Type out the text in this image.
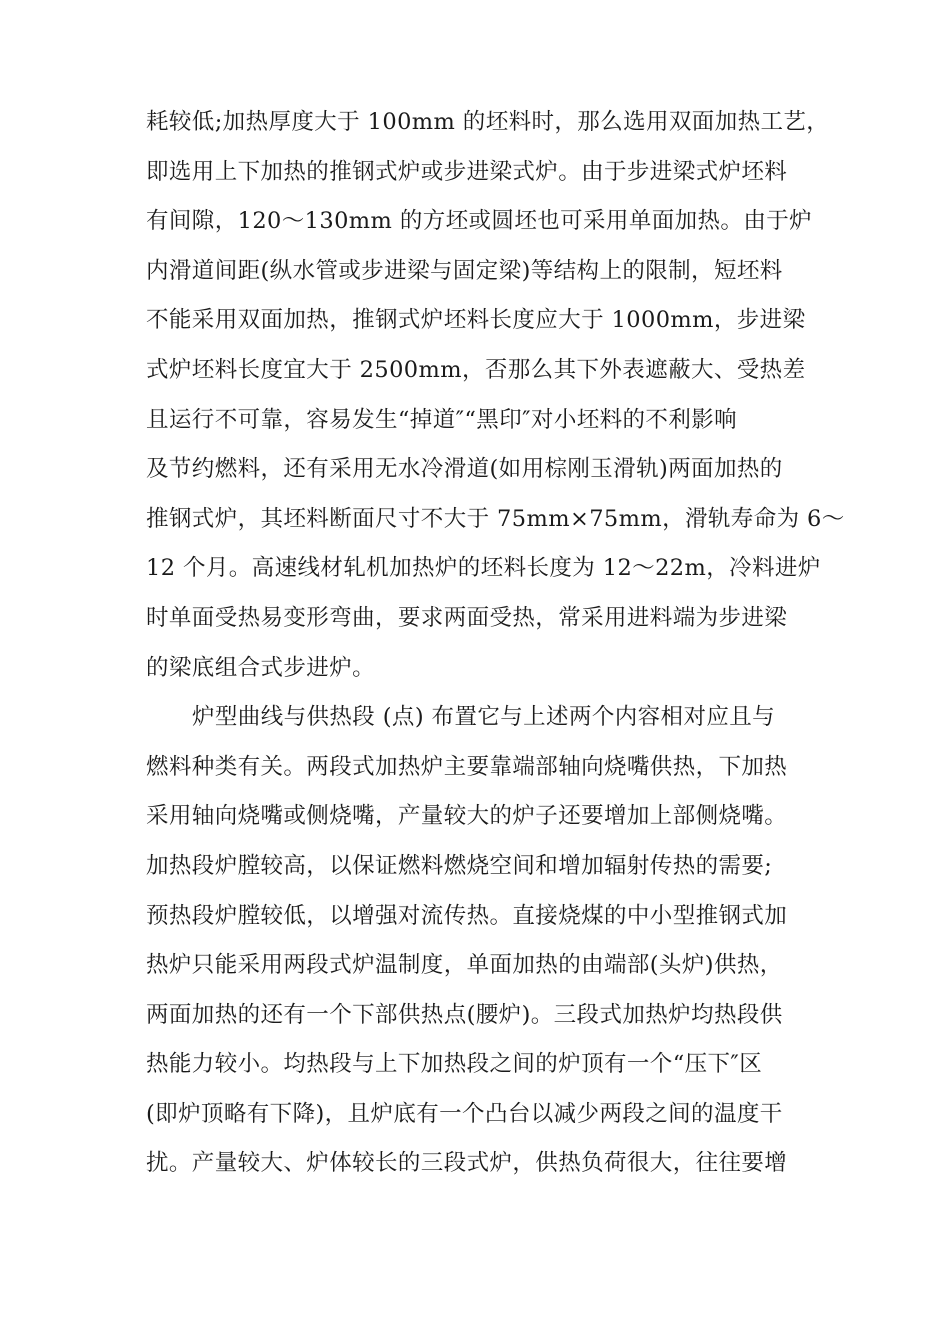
耗较低;加热厚度大于 100mm 的坯料时，那么选用双面加热工艺，
即选用上下加热的推钢式炉或步进梁式炉。由于步进梁式炉坯料
有间隙，120～130mm 的方坯或圆坯也可采用单面加热。由于炉
内滑道间距(纵水管或步进梁与固定梁)等结构上的限制，短坯料
不能采用双面加热，推钢式炉坯料长度应大于 1000mm，步进梁
式炉坯料长度宜大于 2500mm，否那么其下外表遮蔽大、受热差
且运行不可靠，容易发生“掉道″“黑印″对小坯料的不利影响
及节约燃料，还有采用无水冷滑道(如用棕刚玉滑轨)两面加热的
推钢式炉，其坯料断面尺寸不大于 75mm×75mm，滑轨寿命为 6～
12 个月。高速线材轧机加热炉的坯料长度为 12～22m，冷料进炉
时单面受热易变形弯曲，要求两面受热，常采用进料端为步进梁
的梁底组合式步进炉。
炉型曲线与供热段 (点) 布置它与上述两个内容相对应且与
燃料种类有关。两段式加热炉主要靠端部轴向烧嘴供热，下加热
采用轴向烧嘴或侧烧嘴，产量较大的炉子还要增加上部侧烧嘴。
加热段炉膛较高，以保证燃料燃烧空间和增加辐射传热的需要;
预热段炉膛较低，以增强对流传热。直接烧煤的中小型推钢式加
热炉只能采用两段式炉温制度，单面加热的由端部(头炉)供热，
两面加热的还有一个下部供热点(腰炉)。三段式加热炉均热段供
热能力较小。均热段与上下加热段之间的炉顶有一个“压下″区
(即炉顶略有下降)，且炉底有一个凸台以减少两段之间的温度干
扰。产量较大、炉体较长的三段式炉，供热负荷很大，往往要增
